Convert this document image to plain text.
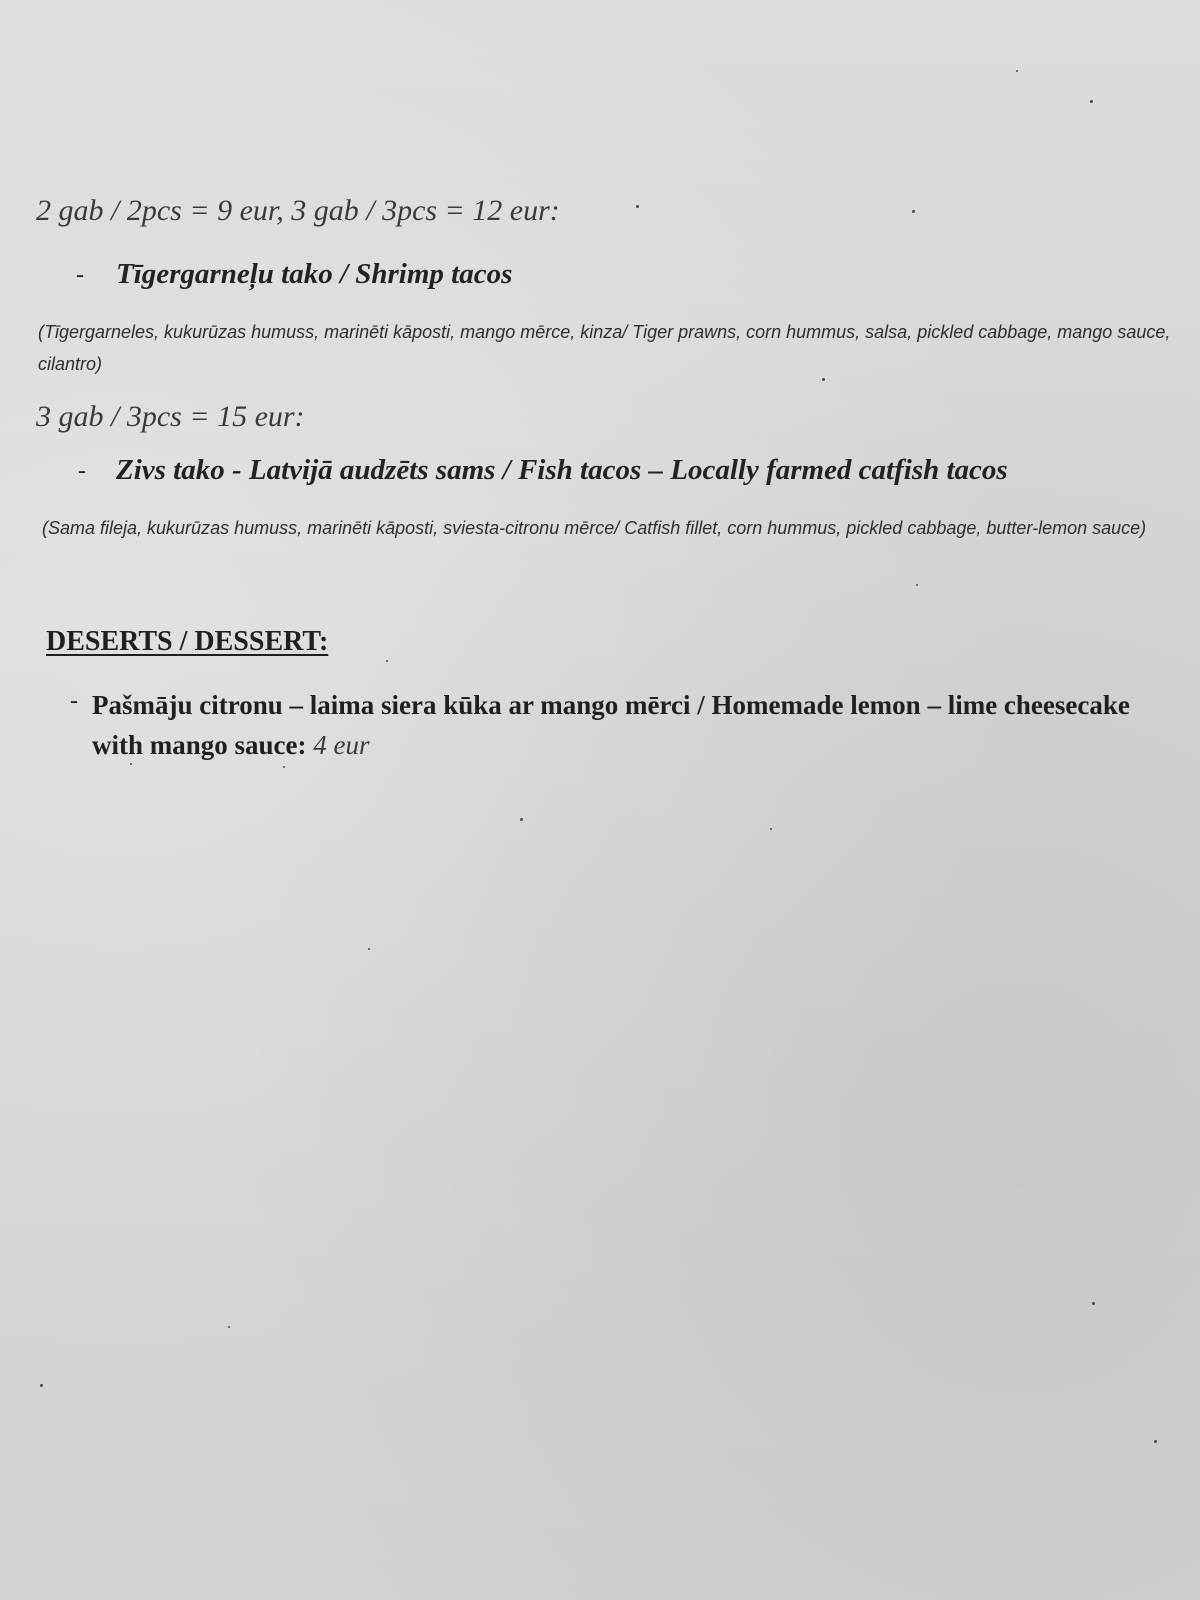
2 gab / 2pcs = 9 eur, 3 gab / 3pcs = 12 eur:
- Tīgergarneļu tako / Shrimp tacos
(Tīgergarneles, kukurūzas humuss, marinēti kāposti, mango mērce, kinza/ Tiger prawns, corn hummus, salsa, pickled cabbage, mango sauce, cilantro)
3 gab / 3pcs = 15 eur:
- Zivs tako - Latvijā audzēts sams / Fish tacos – Locally farmed catfish tacos
(Sama fileja, kukurūzas humuss, marinēti kāposti, sviesta-citronu mērce/ Catfish fillet, corn hummus, pickled cabbage, butter-lemon sauce)
DESERTS / DESSERT:
- Pašmāju citronu – laima siera kūka ar mango mērci / Homemade lemon – lime cheesecake with mango sauce: 4 eur
